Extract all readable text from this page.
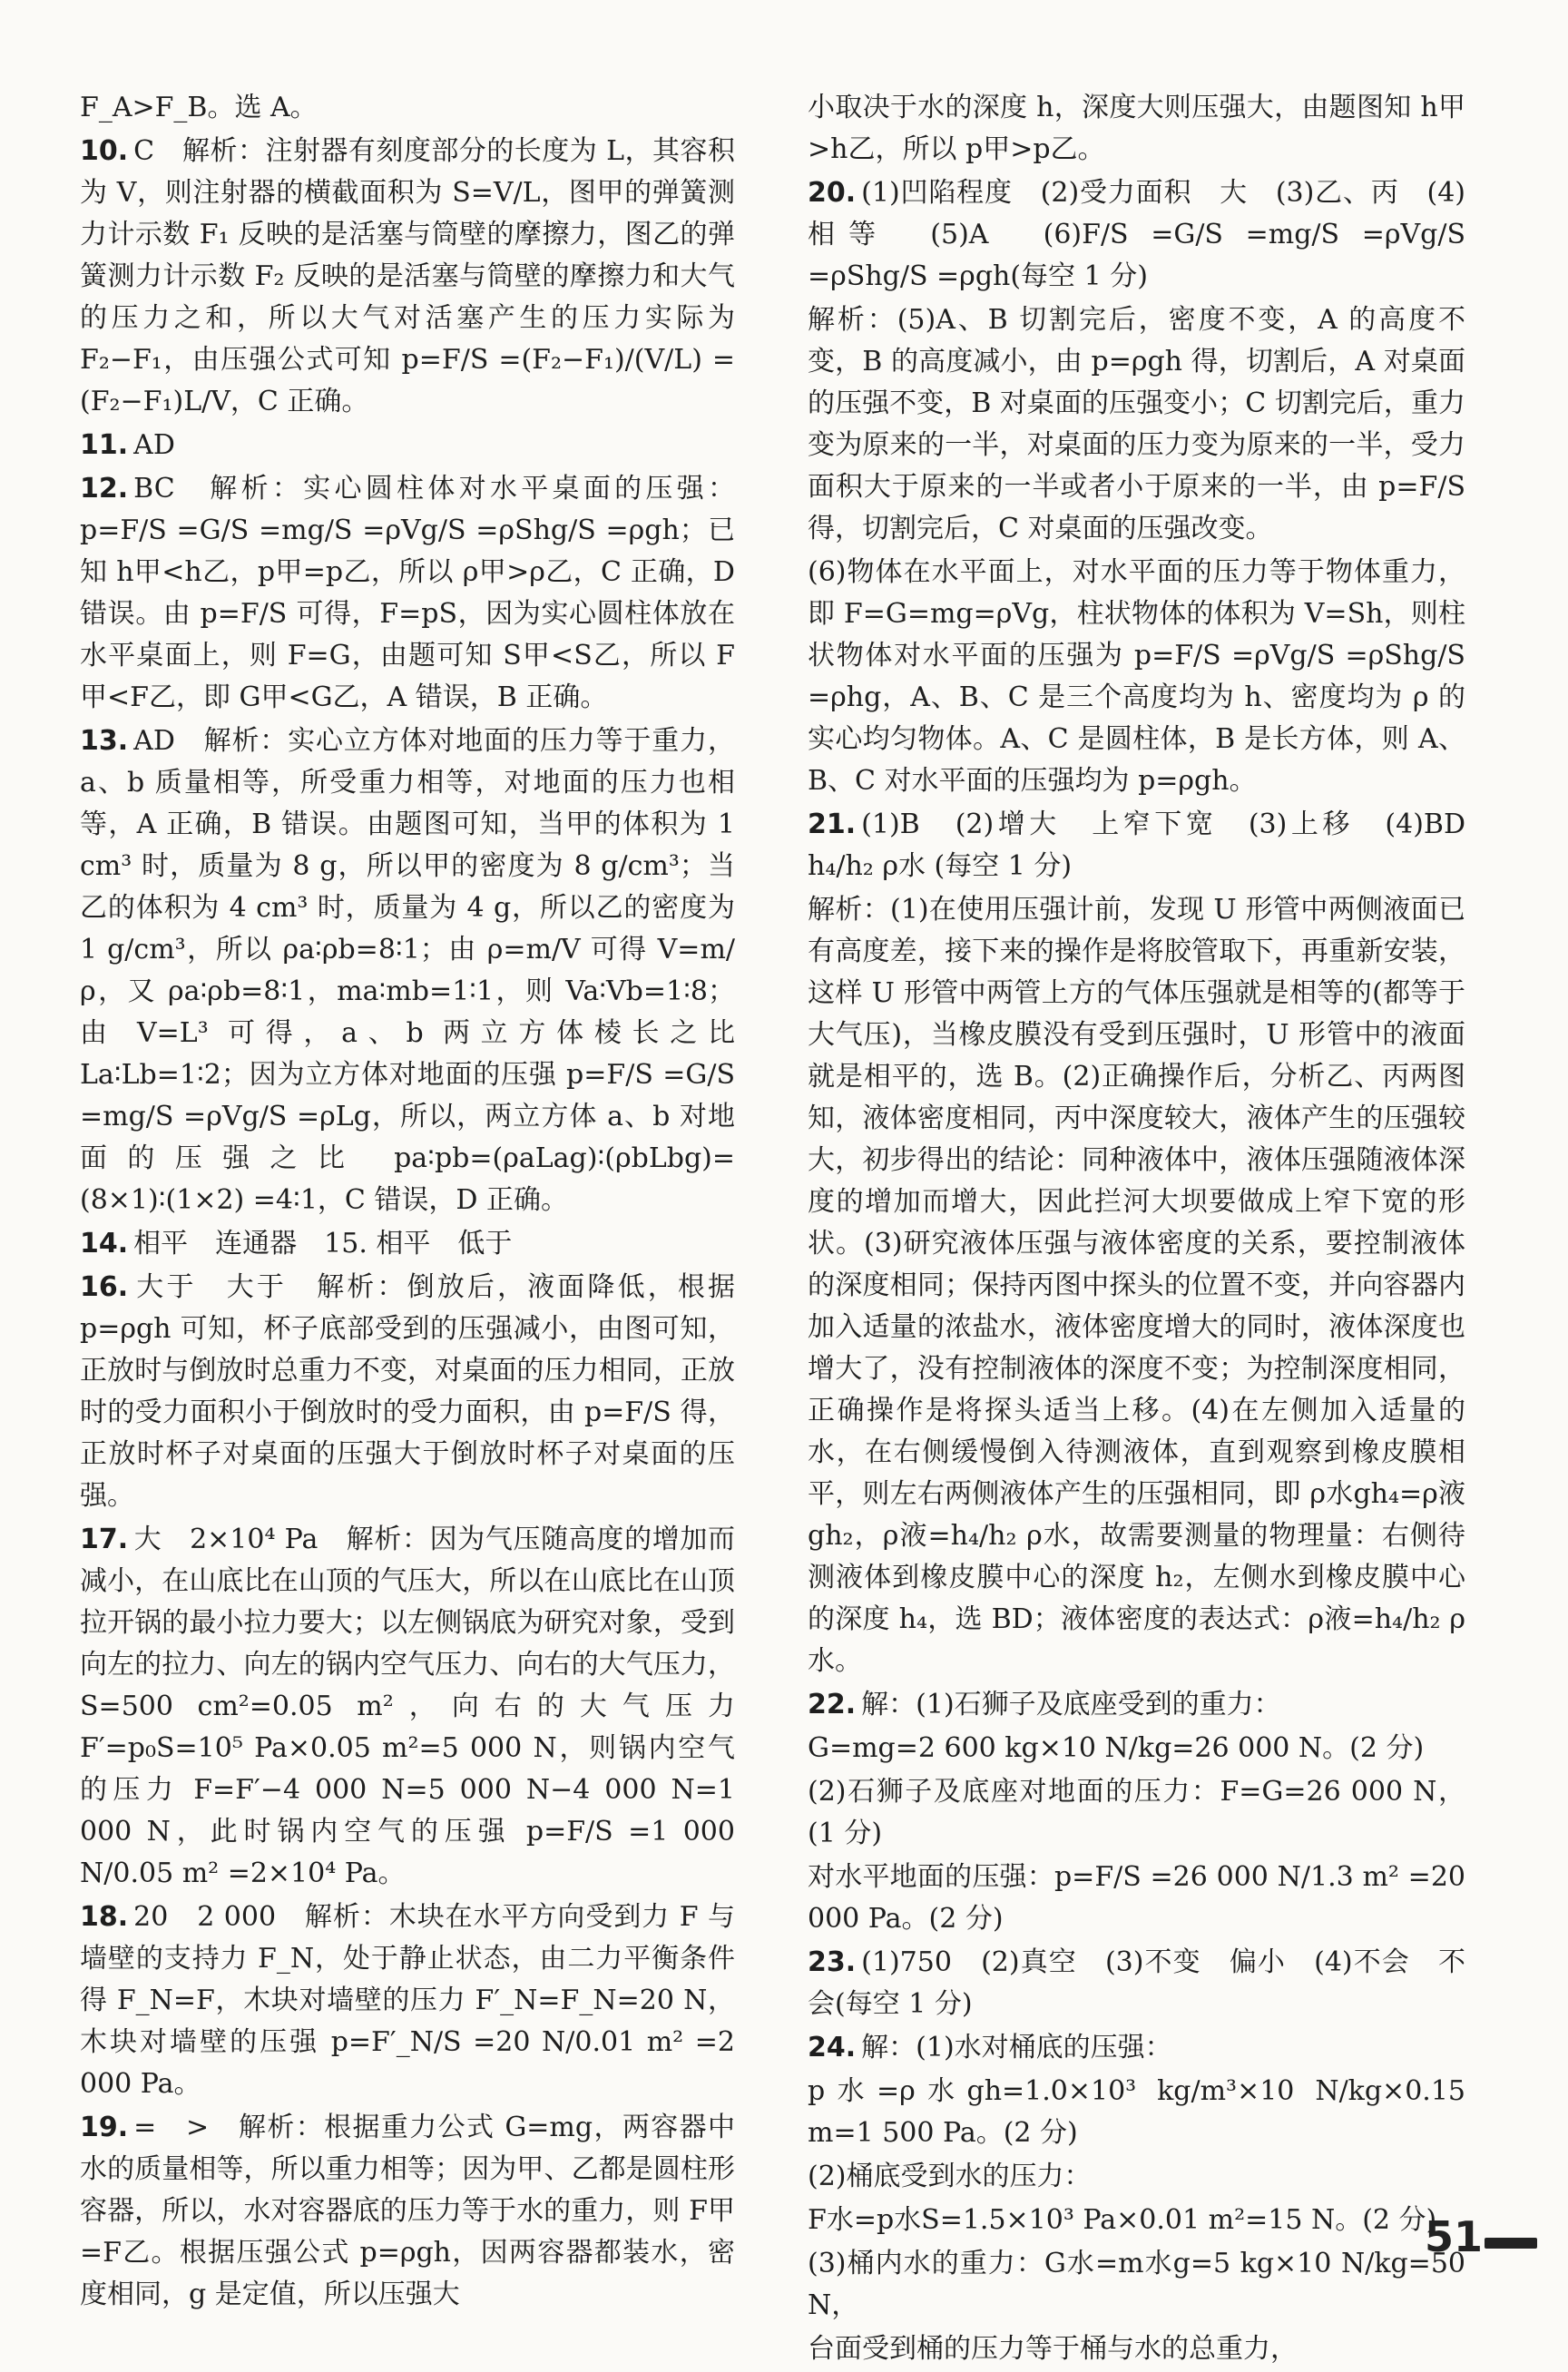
F_A>F_B。选 A。
10. C　解析：注射器有刻度部分的长度为 L，其容积为 V，则注射器的横截面积为 S=V/L，图甲的弹簧测力计示数 F₁ 反映的是活塞与筒壁的摩擦力，图乙的弹簧测力计示数 F₂ 反映的是活塞与筒壁的摩擦力和大气的压力之和，所以大气对活塞产生的压力实际为 F₂−F₁，由压强公式可知 p=F/S =(F₂−F₁)/(V/L) =(F₂−F₁)L/V，C 正确。
11. AD
12. BC　解析：实心圆柱体对水平桌面的压强：p=F/S =G/S =mg/S =ρVg/S =ρShg/S =ρgh；已知 h甲<h乙，p甲=p乙，所以 ρ甲>ρ乙，C 正确，D 错误。由 p=F/S 可得，F=pS，因为实心圆柱体放在水平桌面上，则 F=G，由题可知 S甲<S乙，所以 F甲<F乙，即 G甲<G乙，A 错误，B 正确。
13. AD　解析：实心立方体对地面的压力等于重力，a、b 质量相等，所受重力相等，对地面的压力也相等，A 正确，B 错误。由题图可知，当甲的体积为 1 cm³ 时，质量为 8 g，所以甲的密度为 8 g/cm³；当乙的体积为 4 cm³ 时，质量为 4 g，所以乙的密度为 1 g/cm³，所以 ρa∶ρb=8∶1；由 ρ=m/V 可得 V=m/ρ，又 ρa∶ρb=8∶1，ma∶mb=1∶1，则 Va∶Vb=1∶8；由 V=L³ 可得，a、b 两立方体棱长之比 La∶Lb=1∶2；因为立方体对地面的压强 p=F/S =G/S =mg/S =ρVg/S =ρLg，所以，两立方体 a、b 对地面的压强之比 pa∶pb=(ρaLag)∶(ρbLbg)=(8×1)∶(1×2) =4∶1，C 错误，D 正确。
14. 相平　连通器　15. 相平　低于
16. 大于　大于　解析：倒放后，液面降低，根据 p=ρgh 可知，杯子底部受到的压强减小，由图可知，正放时与倒放时总重力不变，对桌面的压力相同，正放时的受力面积小于倒放时的受力面积，由 p=F/S 得，正放时杯子对桌面的压强大于倒放时杯子对桌面的压强。
17. 大　2×10⁴ Pa　解析：因为气压随高度的增加而减小，在山底比在山顶的气压大，所以在山底比在山顶拉开锅的最小拉力要大；以左侧锅底为研究对象，受到向左的拉力、向左的锅内空气压力、向右的大气压力，S=500 cm²=0.05 m²，向右的大气压力 F′=p₀S=10⁵ Pa×0.05 m²=5 000 N，则锅内空气的压力 F=F′−4 000 N=5 000 N−4 000 N=1 000 N，此时锅内空气的压强 p=F/S =1 000 N/0.05 m² =2×10⁴ Pa。
18. 20　2 000　解析：木块在水平方向受到力 F 与墙壁的支持力 F_N，处于静止状态，由二力平衡条件得 F_N=F，木块对墙壁的压力 F′_N=F_N=20 N，木块对墙壁的压强 p=F′_N/S =20 N/0.01 m² =2 000 Pa。
19. =　>　解析：根据重力公式 G=mg，两容器中水的质量相等，所以重力相等；因为甲、乙都是圆柱形容器，所以，水对容器底的压力等于水的重力，则 F甲=F乙。根据压强公式 p=ρgh，因两容器都装水，密度相同，g 是定值，所以压强大
小取决于水的深度 h，深度大则压强大，由题图知 h甲>h乙，所以 p甲>p乙。
20. (1)凹陷程度　(2)受力面积　大　(3)乙、丙　(4)相等　(5)A　(6)F/S =G/S =mg/S =ρVg/S =ρShg/S =ρgh(每空 1 分)
解析：(5)A、B 切割完后，密度不变，A 的高度不变，B 的高度减小，由 p=ρgh 得，切割后，A 对桌面的压强不变，B 对桌面的压强变小；C 切割完后，重力变为原来的一半，对桌面的压力变为原来的一半，受力面积大于原来的一半或者小于原来的一半，由 p=F/S 得，切割完后，C 对桌面的压强改变。
(6)物体在水平面上，对水平面的压力等于物体重力，即 F=G=mg=ρVg，柱状物体的体积为 V=Sh，则柱状物体对水平面的压强为 p=F/S =ρVg/S =ρShg/S =ρhg，A、B、C 是三个高度均为 h、密度均为 ρ 的实心均匀物体。A、C 是圆柱体，B 是长方体，则 A、B、C 对水平面的压强均为 p=ρgh。
21. (1)B　(2)增大　上窄下宽　(3)上移　(4)BD　h₄/h₂ ρ水 (每空 1 分)
解析：(1)在使用压强计前，发现 U 形管中两侧液面已有高度差，接下来的操作是将胶管取下，再重新安装，这样 U 形管中两管上方的气体压强就是相等的(都等于大气压)，当橡皮膜没有受到压强时，U 形管中的液面就是相平的，选 B。(2)正确操作后，分析乙、丙两图知，液体密度相同，丙中深度较大，液体产生的压强较大，初步得出的结论：同种液体中，液体压强随液体深度的增加而增大，因此拦河大坝要做成上窄下宽的形状。(3)研究液体压强与液体密度的关系，要控制液体的深度相同；保持丙图中探头的位置不变，并向容器内加入适量的浓盐水，液体密度增大的同时，液体深度也增大了，没有控制液体的深度不变；为控制深度相同，正确操作是将探头适当上移。(4)在左侧加入适量的水，在右侧缓慢倒入待测液体，直到观察到橡皮膜相平，则左右两侧液体产生的压强相同，即 ρ水gh₄=ρ液gh₂，ρ液=h₄/h₂ ρ水，故需要测量的物理量：右侧待测液体到橡皮膜中心的深度 h₂，左侧水到橡皮膜中心的深度 h₄，选 BD；液体密度的表达式：ρ液=h₄/h₂ ρ水。
22. 解：(1)石狮子及底座受到的重力：
G=mg=2 600 kg×10 N/kg=26 000 N。(2 分)
(2)石狮子及底座对地面的压力：F=G=26 000 N，(1 分)
对水平地面的压强：p=F/S =26 000 N/1.3 m² =20 000 Pa。(2 分)
23. (1)750　(2)真空　(3)不变　偏小　(4)不会　不会(每空 1 分)
24. 解：(1)水对桶底的压强：
p水=ρ水gh=1.0×10³ kg/m³×10 N/kg×0.15 m=1 500 Pa。(2 分)
(2)桶底受到水的压力：
F水=p水S=1.5×10³ Pa×0.01 m²=15 N。(2 分)
(3)桶内水的重力：G水=m水g=5 kg×10 N/kg=50 N，
台面受到桶的压力等于桶与水的总重力，
51
